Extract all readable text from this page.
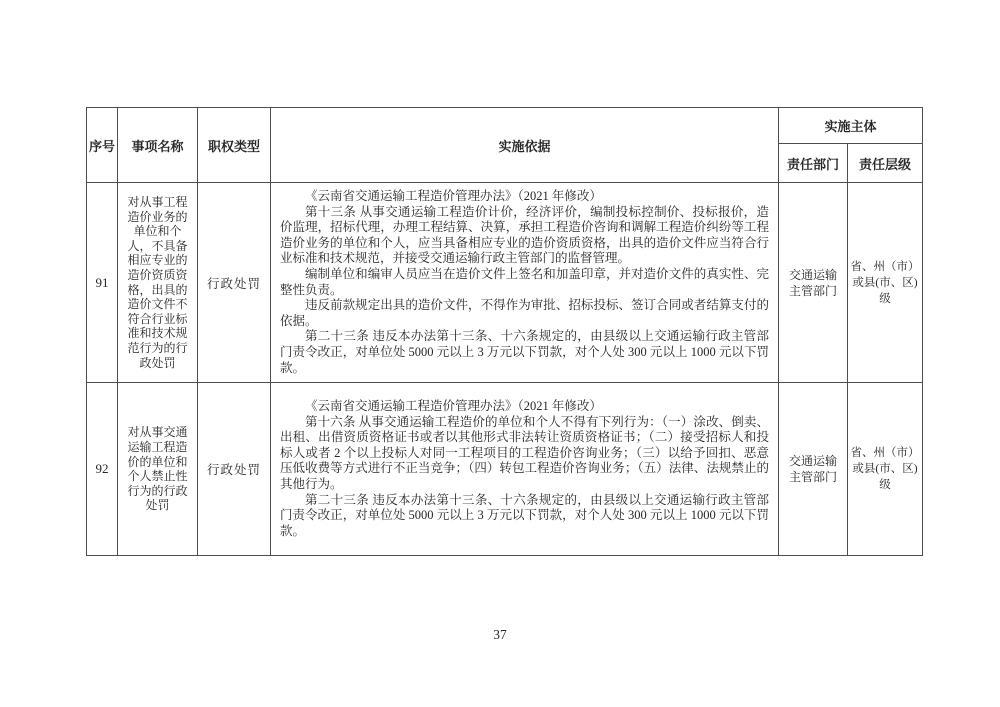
序号	事项名称	职权类型	实施依据	实施主体	
				责任部门	责任层级
91	对从事工程造价业务的单位和个人，不具备相应专业的造价资质资格，出具的造价文件不符合行业标准和技术规范行为的行政处罚	行政处罚	《云南省交通运输工程造价管理办法》（2021 年修改）

第十三条 从事交通运输工程造价计价，经济评价，编制投标控制价、投标报价，造价监理，招标代理，办理工程结算、决算，承担工程造价咨询和调解工程造价纠纷等工程造价业务的单位和个人，应当具备相应专业的造价资质资格，出具的造价文件应当符合行业标准和技术规范，并接受交通运输行政主管部门的监督管理。

编制单位和编审人员应当在造价文件上签名和加盖印章，并对造价文件的真实性、完整性负责。

违反前款规定出具的造价文件，不得作为审批、招标投标、签订合同或者结算支付的依据。

第二十三条 违反本办法第十三条、十六条规定的，由县级以上交通运输行政主管部门责令改正，对单位处 5000 元以上 3 万元以下罚款，对个人处 300 元以上 1000 元以下罚款。	交通运输主管部门	省、州（市）或县(市、区)级
92	对从事交通运输工程造价的单位和个人禁止性行为的行政处罚	行政处罚	《云南省交通运输工程造价管理办法》（2021 年修改）

第十六条 从事交通运输工程造价的单位和个人不得有下列行为：（一）涂改、倒卖、出租、出借资质资格证书或者以其他形式非法转让资质资格证书；（二）接受招标人和投标人或者 2 个以上投标人对同一工程项目的工程造价咨询业务；（三）以给予回扣、恶意压低收费等方式进行不正当竞争；（四）转包工程造价咨询业务；（五）法律、法规禁止的其他行为。

第二十三条 违反本办法第十三条、十六条规定的，由县级以上交通运输行政主管部门责令改正，对单位处 5000 元以上 3 万元以下罚款，对个人处 300 元以上 1000 元以下罚款。	交通运输主管部门	省、州（市）或县(市、区)级
37
